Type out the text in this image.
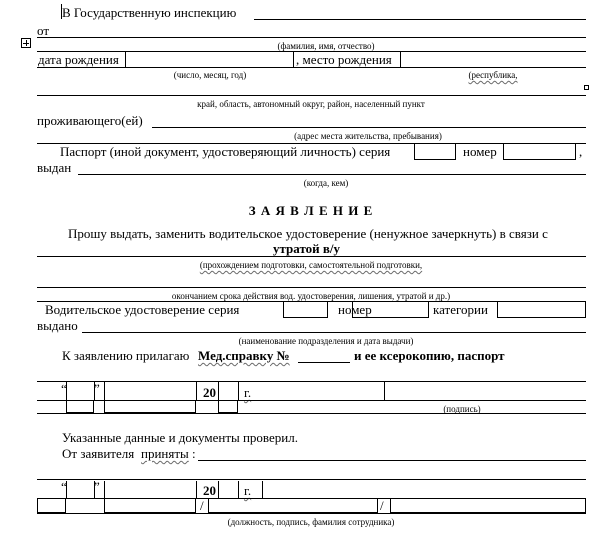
В Государственную инспекцию
от
(фамилия, имя, отчество)
дата рождения	, место рождения
(число, месяц, год)	(республика,
край, область, автономный округ, район, населенный пункт
проживающего(ей)
(адрес места жительства, пребывания)
Паспорт (иной документ, удостоверяющий личность) серия	номер	,
выдан
(когда, кем)
З А Я В Л Е Н И Е
Прошу выдать, заменить водительское удостоверение (ненужное зачеркнуть) в связи с
утратой в/у
(прохождением подготовки, самостоятельной подготовки,
окончанием срока действия вод. удостоверения, лишения, утратой и др.)
Водительское удостоверение серия	номер	категории
выдано
(наименование подразделения и дата выдачи)
К заявлению прилагаю Мед.справку №	и ее ксерокопию, паспорт
“ ”	20 г.
(подпись)
Указанные данные и документы проверил.
От заявителя приняты :
“ ”	20 г.
/	/
(должность, подпись, фамилия сотрудника)
